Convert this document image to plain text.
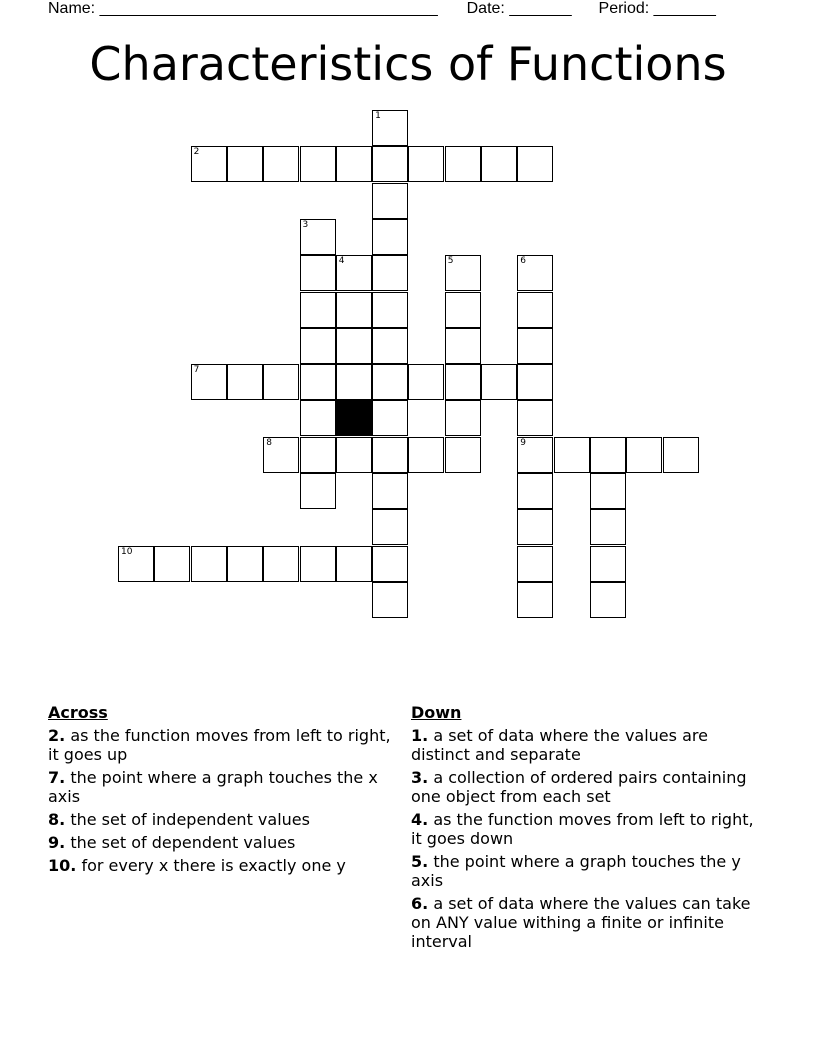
Name: ______________________________________ Date: _______ Period: _______
Characteristics of Functions
1
2
3
4	5	6
7
8	9
10
Across
2. as the function moves from left to right, it goes up
7. the point where a graph touches the x axis
8. the set of independent values
9. the set of dependent values
10. for every x there is exactly one y
Down
1. a set of data where the values are distinct and separate
3. a collection of ordered pairs containing one object from each set
4. as the function moves from left to right, it goes down
5. the point where a graph touches the y axis
6. a set of data where the values can take on ANY value withing a finite or infinite interval
